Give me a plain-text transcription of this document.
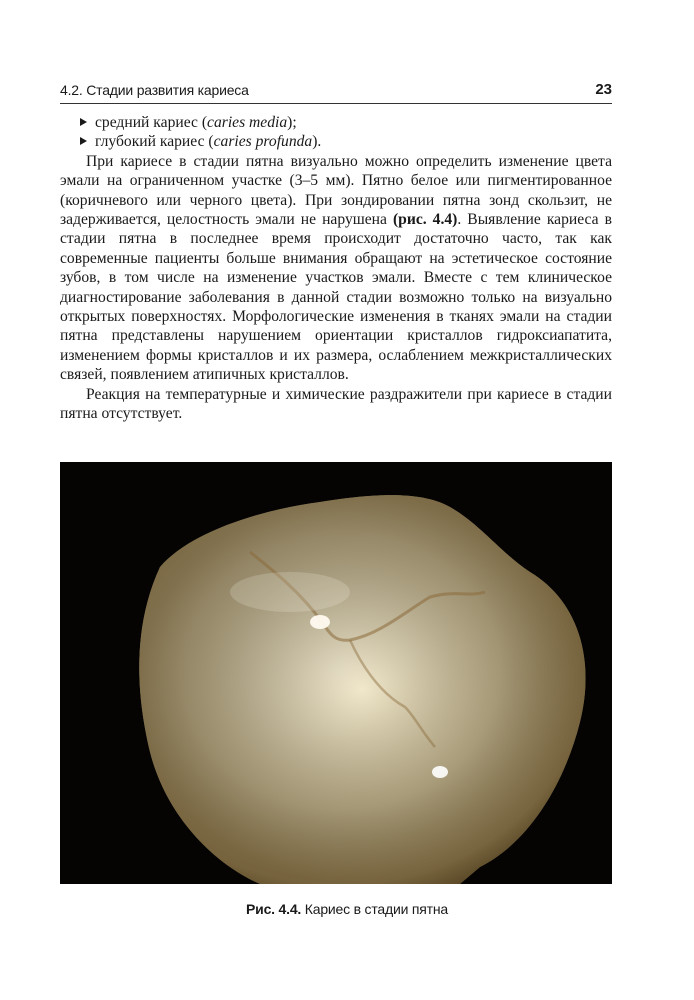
4.2. Стадии развития кариеса	23
средний кариес (caries media);
глубокий кариес (caries profunda).

При кариесе в стадии пятна визуально можно определить изменение цвета эмали на ограниченном участке (3–5 мм). Пятно белое или пигментированное (коричневого или черного цвета). При зондировании пятна зонд скользит, не задерживается, целостность эмали не нарушена (рис. 4.4). Выявление кариеса в стадии пятна в последнее время происходит достаточно часто, так как современные пациенты больше внимания обращают на эстетическое состояние зубов, в том числе на изменение участков эмали. Вместе с тем клиническое диагностирование заболевания в данной стадии возможно только на визуально открытых поверхностях. Морфологические изменения в тканях эмали на стадии пятна представлены нарушением ориентации кристаллов гидроксиапатита, изменением формы кристаллов и их размера, ослаблением межкристаллических связей, появлением атипичных кристаллов.

Реакция на температурные и химические раздражители при кариесе в стадии пятна отсутствует.

Рис. 4.4. Кариес в стадии пятна
